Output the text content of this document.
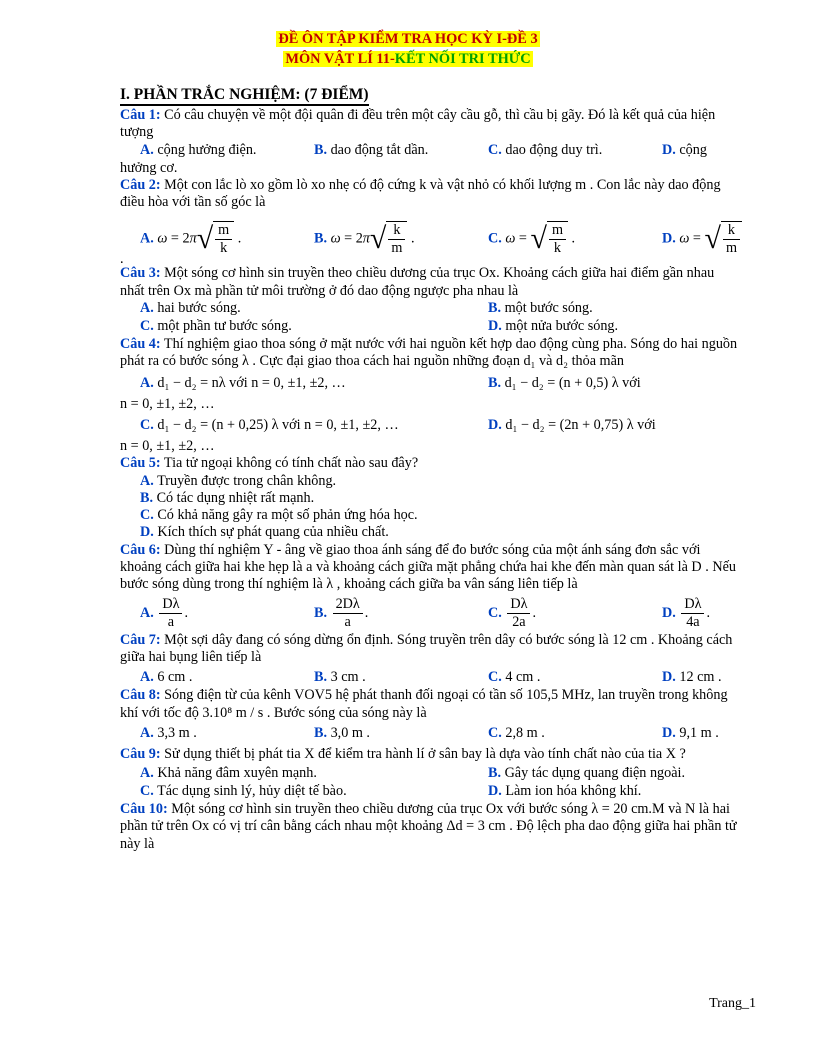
ĐỀ ÔN TẬP KIỂM TRA HỌC KỲ I-ĐỀ 3
MÔN VẬT LÍ 11-KẾT NỐI TRI THỨC
I. PHẦN TRẮC NGHIỆM: (7 ĐIỂM)
Câu 1: Có câu chuyện về một đội quân đi đều trên một cây cầu gỗ, thì cầu bị gãy. Đó là kết quả của hiện tượng
A. cộng hưởng điện.	B. dao động tắt dần.	C. dao động duy trì.	D. cộng
hưởng cơ.
Câu 2: Một con lắc lò xo gồm lò xo nhẹ có độ cứng k và vật nhỏ có khối lượng m . Con lắc này dao động điều hòa với tần số góc là
A. $\omega = 2\pi√ \frac{m}{k}$ .	B. $\omega = 2\pi√ \frac{k}{m}$ .	C. ω = √ $\frac{m}{k}$ .	D. ω = √ $\frac{k}{m}$
.
Câu 3: Một sóng cơ hình sin truyền theo chiều dương của trục Ox. Khoảng cách giữa hai điểm gần nhau nhất trên Ox mà phần tử môi trường ở đó dao động ngược pha nhau là
A. hai bước sóng.	B. một bước sóng.
C. một phần tư bước sóng.	D. một nửa bước sóng.
Câu 4: Thí nghiệm giao thoa sóng ở mặt nước với hai nguồn kết hợp dao động cùng pha. Sóng do hai nguồn phát ra có bước sóng λ . Cực đại giao thoa cách hai nguồn những đoạn d₁ và d₂ thỏa mãn
A. d₁ − d₂ = nλ với n = 0, ±1, ±2, …	B. d₁ − d₂ = (n + 0,5) λ với
n = 0, ±1, ±2, …
C. d₁ − d₂ = (n + 0,25) λ với n = 0, ±1, ±2, …	D. d₁ − d₂ = (2n + 0,75) λ với
n = 0, ±1, ±2, …
Câu 5: Tia tử ngoại không có tính chất nào sau đây?
A. Truyền được trong chân không.
B. Có tác dụng nhiệt rất mạnh.
C. Có khả năng gây ra một số phản ứng hóa học.
D. Kích thích sự phát quang của nhiều chất.
Câu 6: Dùng thí nghiệm Y - âng về giao thoa ánh sáng để đo bước sóng của một ánh sáng đơn sắc với khoảng cách giữa hai khe hẹp là a và khoảng cách giữa mặt phẳng chứa hai khe đến màn quan sát là D . Nếu bước sóng dùng trong thí nghiệm là λ , khoảng cách giữa ba vân sáng liên tiếp là
A. $\frac{D\lambda}{a}$ .	B. $\frac{2D\lambda}{a}$ .	C. $\frac{D\lambda}{2a}$ .	D. $\frac{D\lambda}{4a}$ .
Câu 7: Một sợi dây đang có sóng dừng ổn định. Sóng truyền trên dây có bước sóng là 12 cm . Khoảng cách giữa hai bụng liên tiếp là
A. 6 cm .	B. 3 cm .	C. 4 cm .	D. 12 cm .
Câu 8: Sóng điện từ của kênh VOV5 hệ phát thanh đối ngoại có tần số 105,5 MHz, lan truyền trong không khí với tốc độ 3.10⁸ m / s . Bước sóng của sóng này là
A. 3,3 m .	B. 3,0 m .	C. 2,8 m .	D. 9,1 m .
Câu 9: Sử dụng thiết bị phát tia X để kiểm tra hành lí ở sân bay là dựa vào tính chất nào của tia X ?
A. Khả năng đâm xuyên mạnh.	B. Gây tác dụng quang điện ngoài.
C. Tác dụng sinh lý, hủy diệt tế bào.	D. Làm ion hóa không khí.
Câu 10: Một sóng cơ hình sin truyền theo chiều dương của trục Ox với bước sóng λ = 20 cm.M và N là hai phần tử trên Ox có vị trí cân bằng cách nhau một khoảng Δd = 3 cm . Độ lệch pha dao động giữa hai phần tử này là
Trang_1
